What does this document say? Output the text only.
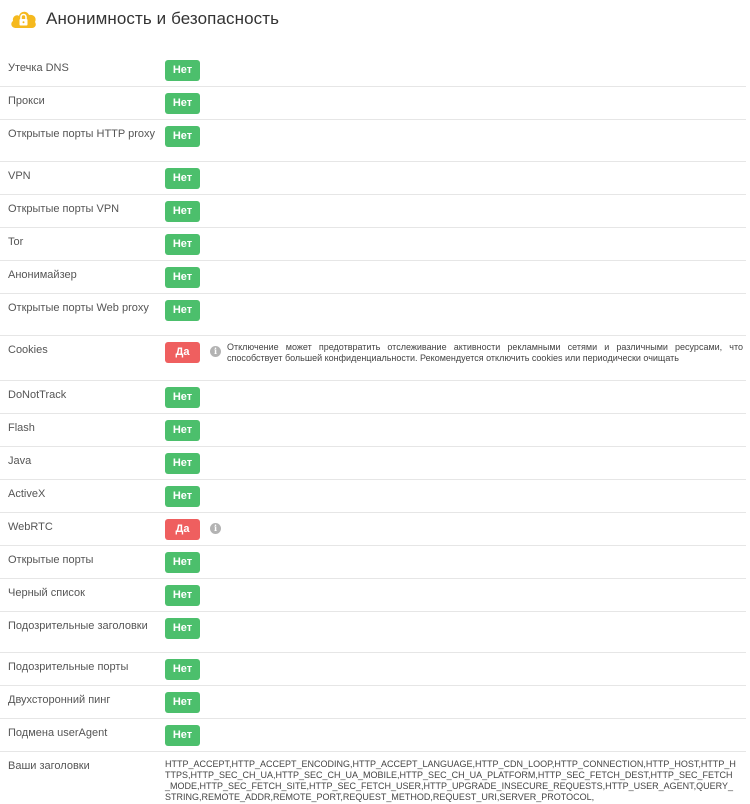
Анонимность и безопасность
Утечка DNS	Нет
Прокси	Нет
Открытые порты HTTP proxy	Нет
VPN	Нет
Открытые порты VPN	Нет
Tor	Нет
Анонимайзер	Нет
Открытые порты Web proxy	Нет
Cookies	Да	i	Отключение может предотвратить отслеживание активности рекламными сетями и различными ресурсами, что способствует большей конфиденциальности. Рекомендуется отключить cookies или периодически очищать
DoNotTrack	Нет
Flash	Нет
Java	Нет
ActiveX	Нет
WebRTC	Да	i
Открытые порты	Нет
Черный список	Нет
Подозрительные заголовки	Нет
Подозрительные порты	Нет
Двухсторонний пинг	Нет
Подмена userAgent	Нет
Ваши заголовки	HTTP_ACCEPT,HTTP_ACCEPT_ENCODING,HTTP_ACCEPT_LANGUAGE,HTTP_CDN_LOOP,HTTP_CONNECTION,HTTP_HOST,HTTP_HTTPS,HTTP_SEC_CH_UA,HTTP_SEC_CH_UA_MOBILE,HTTP_SEC_CH_UA_PLATFORM,HTTP_SEC_FETCH_DEST,HTTP_SEC_FETCH_MODE,HTTP_SEC_FETCH_SITE,HTTP_SEC_FETCH_USER,HTTP_UPGRADE_INSECURE_REQUESTS,HTTP_USER_AGENT,QUERY_STRING,REMOTE_ADDR,REMOTE_PORT,REQUEST_METHOD,REQUEST_URI,SERVER_PROTOCOL,
